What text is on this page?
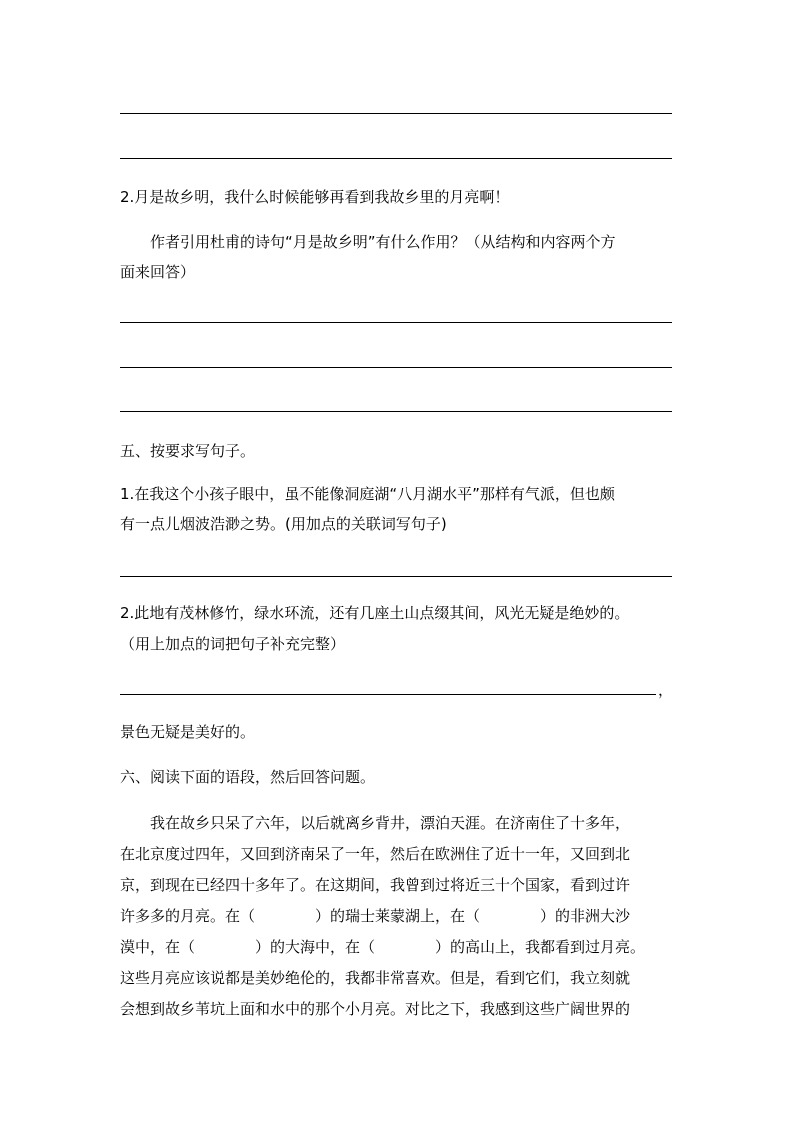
2.月是故乡明，我什么时候能够再看到我故乡里的月亮啊！
作者引用杜甫的诗句“月是故乡明”有什么作用？（从结构和内容两个方
面来回答）
五、按要求写句子。
1.在我这个小孩子眼中，虽不能像洞庭湖“八月湖水平”那样有气派，但也颇
有一点儿烟波浩渺之势。(用加点的关联词写句子)
2.此地有茂林修竹，绿水环流，还有几座土山点缀其间，风光无疑是绝妙的。
（用上加点的词把句子补充完整）
，
景色无疑是美好的。
六、阅读下面的语段，然后回答问题。
我在故乡只呆了六年，以后就离乡背井，漂泊天涯。在济南住了十多年，
在北京度过四年，又回到济南呆了一年，然后在欧洲住了近十一年，又回到北
京，到现在已经四十多年了。在这期间，我曾到过将近三十个国家，看到过许
许多多的月亮。在（　　　　）的瑞士莱蒙湖上，在（　　　　）的非洲大沙
漠中，在（　　　　）的大海中，在（　　　　）的高山上，我都看到过月亮。
这些月亮应该说都是美妙绝伦的，我都非常喜欢。但是，看到它们，我立刻就
会想到故乡苇坑上面和水中的那个小月亮。对比之下，我感到这些广阔世界的
